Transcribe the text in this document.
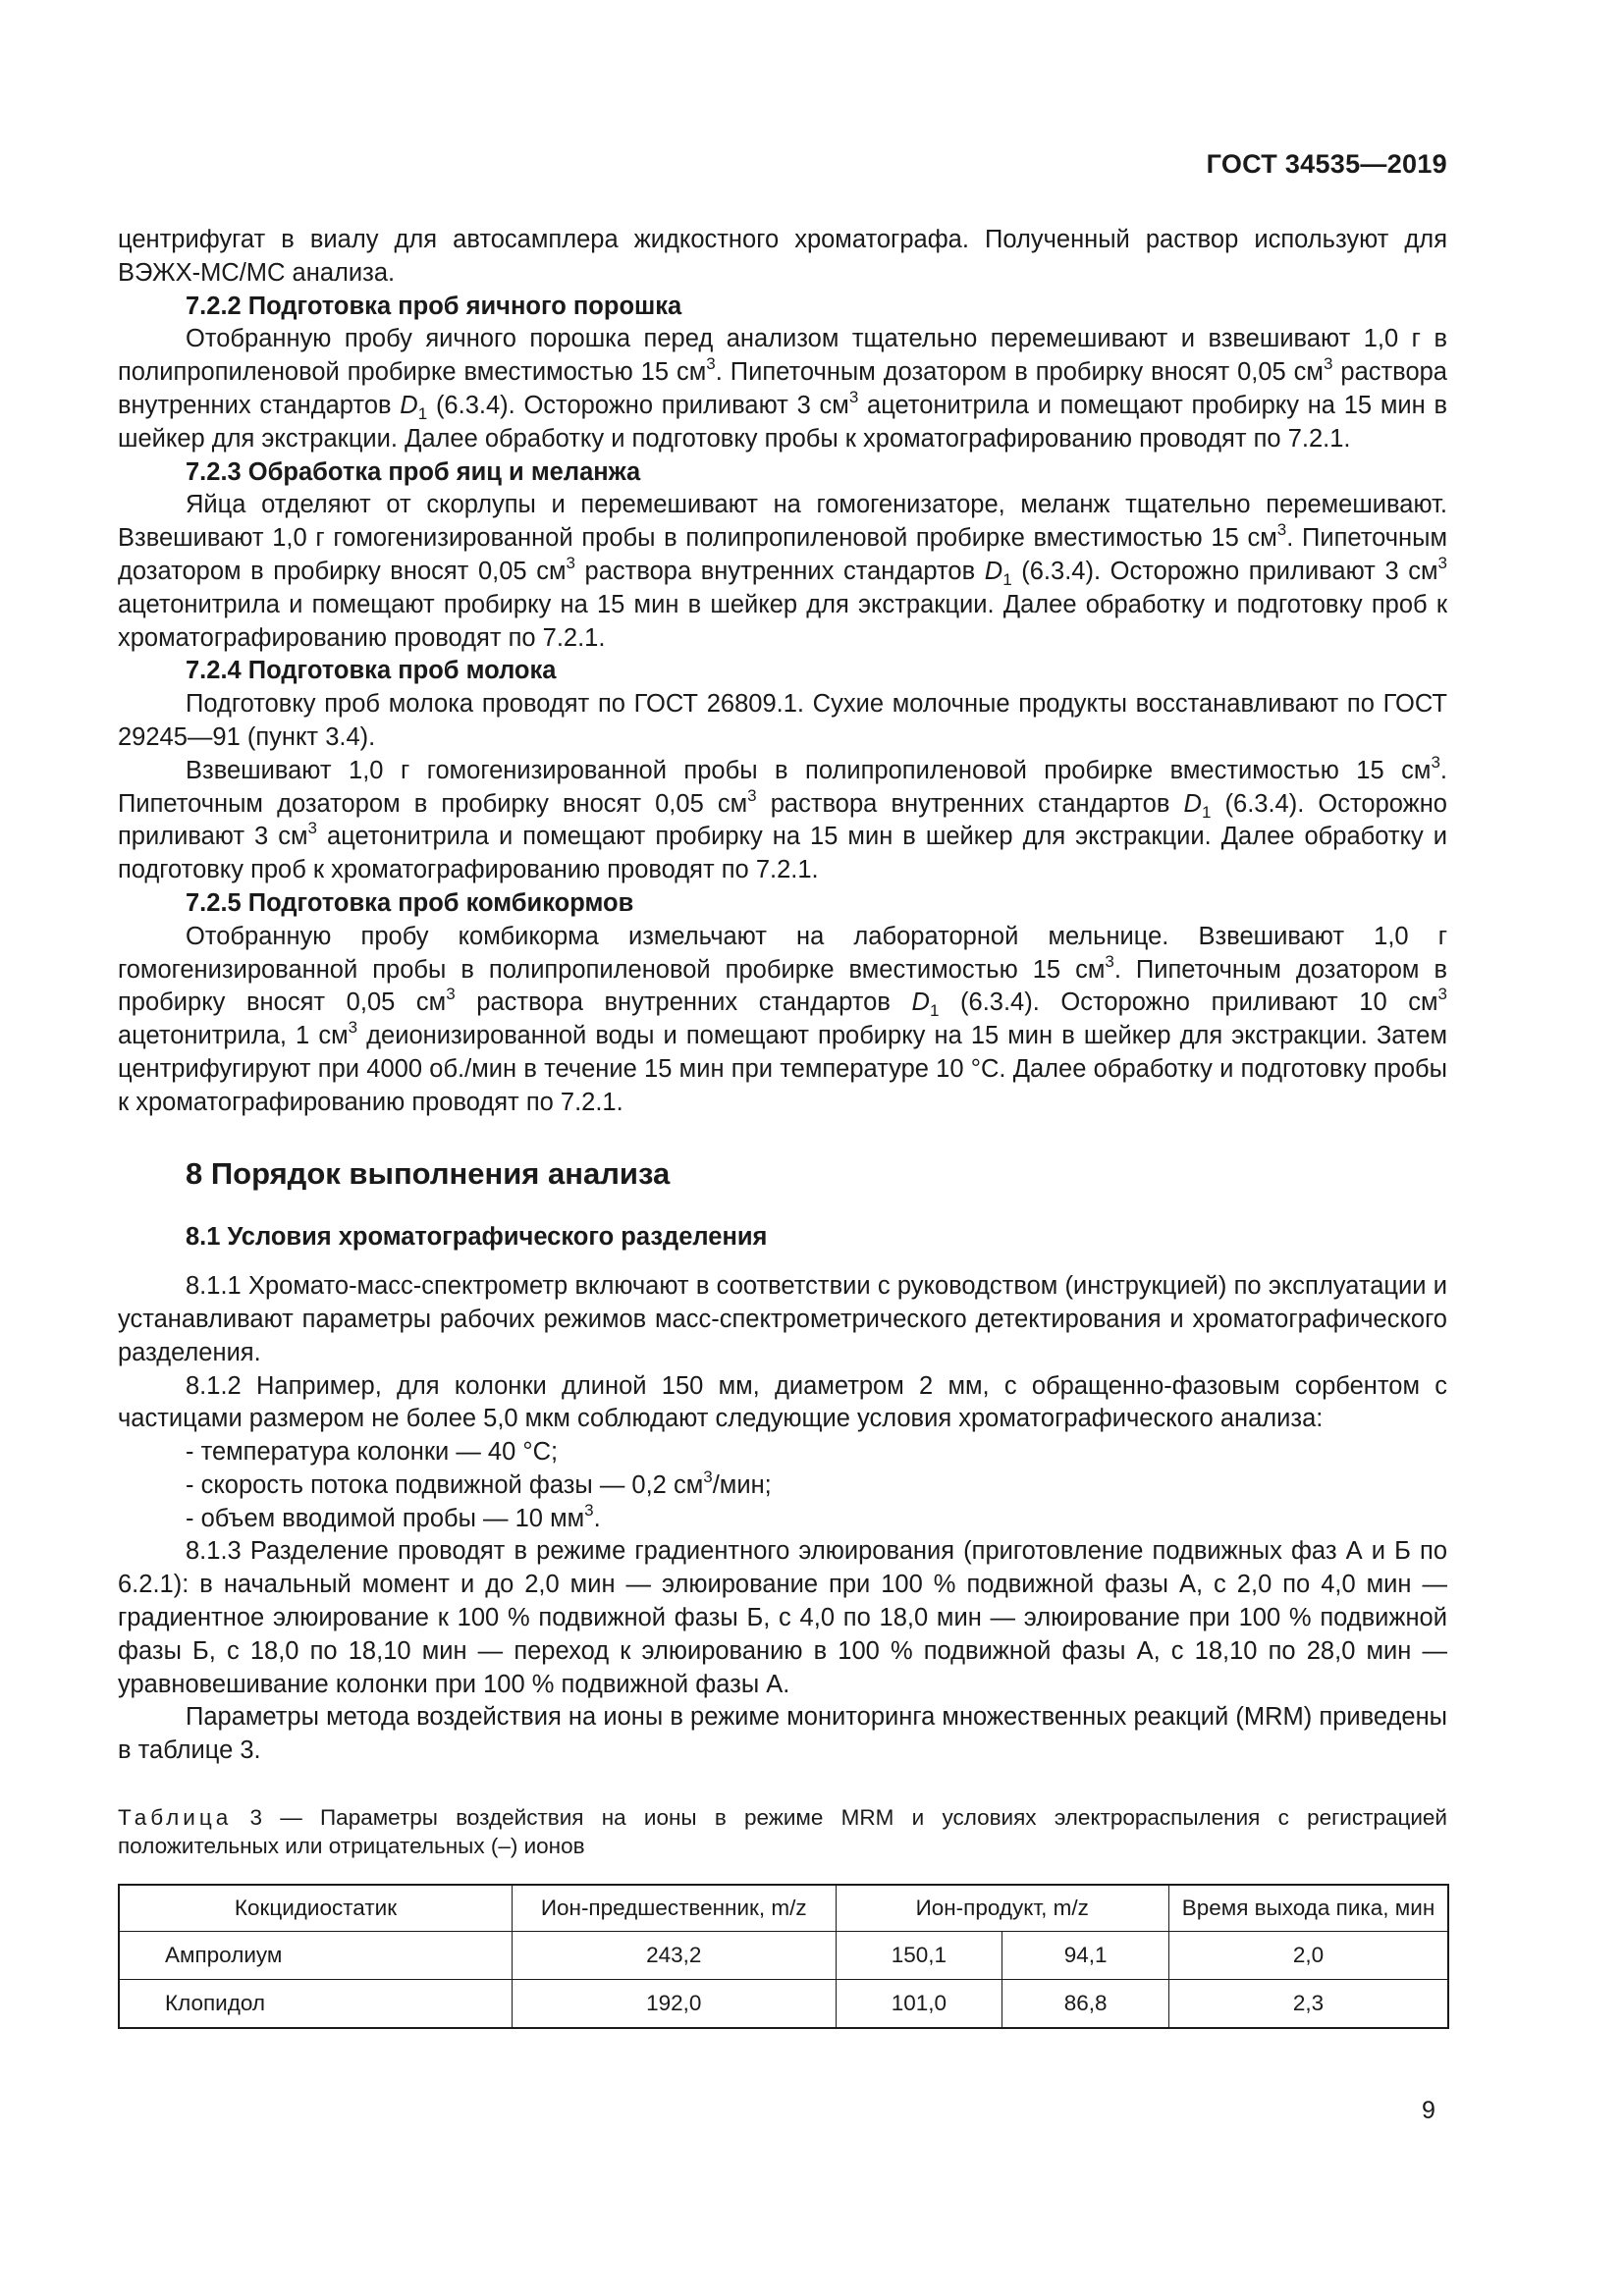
ГОСТ 34535—2019

центрифугат в виалу для автосамплера жидкостного хроматографа. Полученный раствор используют для ВЭЖХ-МС/МС анализа.

7.2.2 Подготовка проб яичного порошка

Отобранную пробу яичного порошка перед анализом тщательно перемешивают и взвешивают 1,0 г в полипропиленовой пробирке вместимостью 15 $см^3$. Пипеточным дозатором в пробирку вносят 0,05 $см^3$ раствора внутренних стандартов $D_1$ (6.3.4). Осторожно приливают 3 $см^3$ ацетонитрила и помещают пробирку на 15 мин в шейкер для экстракции. Далее обработку и подготовку пробы к хроматографированию проводят по 7.2.1.

7.2.3 Обработка проб яиц и меланжа

Яйца отделяют от скорлупы и перемешивают на гомогенизаторе, меланж тщательно перемешивают. Взвешивают 1,0 г гомогенизированной пробы в полипропиленовой пробирке вместимостью 15 $см^3$. Пипеточным дозатором в пробирку вносят 0,05 $см^3$ раствора внутренних стандартов $D_1$ (6.3.4). Осторожно приливают 3 $см^3$ ацетонитрила и помещают пробирку на 15 мин в шейкер для экстракции. Далее обработку и подготовку проб к хроматографированию проводят по 7.2.1.

7.2.4 Подготовка проб молока

Подготовку проб молока проводят по ГОСТ 26809.1. Сухие молочные продукты восстанавливают по ГОСТ 29245—91 (пункт 3.4).

Взвешивают 1,0 г гомогенизированной пробы в полипропиленовой пробирке вместимостью 15 $см^3$. Пипеточным дозатором в пробирку вносят 0,05 $см^3$ раствора внутренних стандартов $D_1$ (6.3.4). Осторожно приливают 3 $см^3$ ацетонитрила и помещают пробирку на 15 мин в шейкер для экстракции. Далее обработку и подготовку проб к хроматографированию проводят по 7.2.1.

7.2.5 Подготовка проб комбикормов

Отобранную пробу комбикорма измельчают на лабораторной мельнице. Взвешивают 1,0 г гомогенизированной пробы в полипропиленовой пробирке вместимостью 15 $см^3$. Пипеточным дозатором в пробирку вносят 0,05 $см^3$ раствора внутренних стандартов $D_1$ (6.3.4). Осторожно приливают 10 $см^3$ ацетонитрила, 1 $см^3$ деионизированной воды и помещают пробирку на 15 мин в шейкер для экстракции. Затем центрифугируют при 4000 об./мин в течение 15 мин при температуре 10 °С. Далее обработку и подготовку пробы к хроматографированию проводят по 7.2.1.

8 Порядок выполнения анализа
8.1 Условия хроматографического разделения

8.1.1 Хромато-масс-спектрометр включают в соответствии с руководством (инструкцией) по эксплуатации и устанавливают параметры рабочих режимов масс-спектрометрического детектирования и хроматографического разделения.

8.1.2 Например, для колонки длиной 150 мм, диаметром 2 мм, с обращенно-фазовым сорбентом с частицами размером не более 5,0 мкм соблюдают следующие условия хроматографического анализа:

- температура колонки — 40 °С;

- скорость потока подвижной фазы — 0,2 $см^3$/мин;

- объем вводимой пробы — 10 $мм^3$.

8.1.3 Разделение проводят в режиме градиентного элюирования (приготовление подвижных фаз А и Б по 6.2.1): в начальный момент и до 2,0 мин — элюирование при 100 % подвижной фазы А, с 2,0 по 4,0 мин — градиентное элюирование к 100 % подвижной фазы Б, с 4,0 по 18,0 мин — элюирование при 100 % подвижной фазы Б, с 18,0 по 18,10 мин — переход к элюированию в 100 % подвижной фазы А, с 18,10 по 28,0 мин — уравновешивание колонки при 100 % подвижной фазы А.

Параметры метода воздействия на ионы в режиме мониторинга множественных реакций (MRM) приведены в таблице 3.

Таблица 3 — Параметры воздействия на ионы в режиме MRM и условиях электрораспыления с регистрацией положительных или отрицательных (–) ионов

Кокцидиостатик	Ион-предшественник, m/z	Ион-продукт, m/z		Время выхода пика, мин
Ампролиум	243,2	150,1	94,1	2,0
Клопидол	192,0	101,0	86,8	2,3
9
